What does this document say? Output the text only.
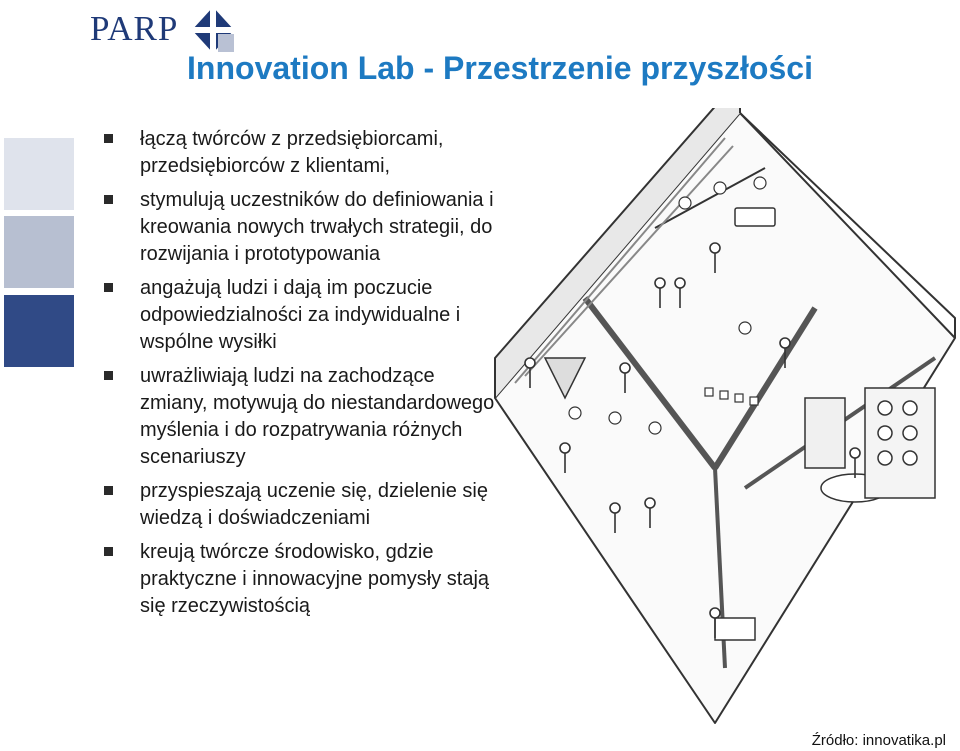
PARP
Innovation Lab - Przestrzenie przyszłości
łączą twórców z przedsiębiorcami, przedsiębiorców z klientami,
stymulują uczestników do definiowania i kreowania nowych trwałych strategii, do rozwijania i prototypowania
angażują ludzi i dają im poczucie odpowiedzialności za indywidualne i wspólne wysiłki
uwrażliwiają ludzi na zachodzące zmiany, motywują do niestandardowego myślenia i do rozpatrywania różnych scenariuszy
przyspieszają uczenie się, dzielenie się wiedzą i doświadczeniami
kreują twórcze środowisko, gdzie praktyczne i innowacyjne pomysły stają się rzeczywistością
Źródło: innovatika.pl
